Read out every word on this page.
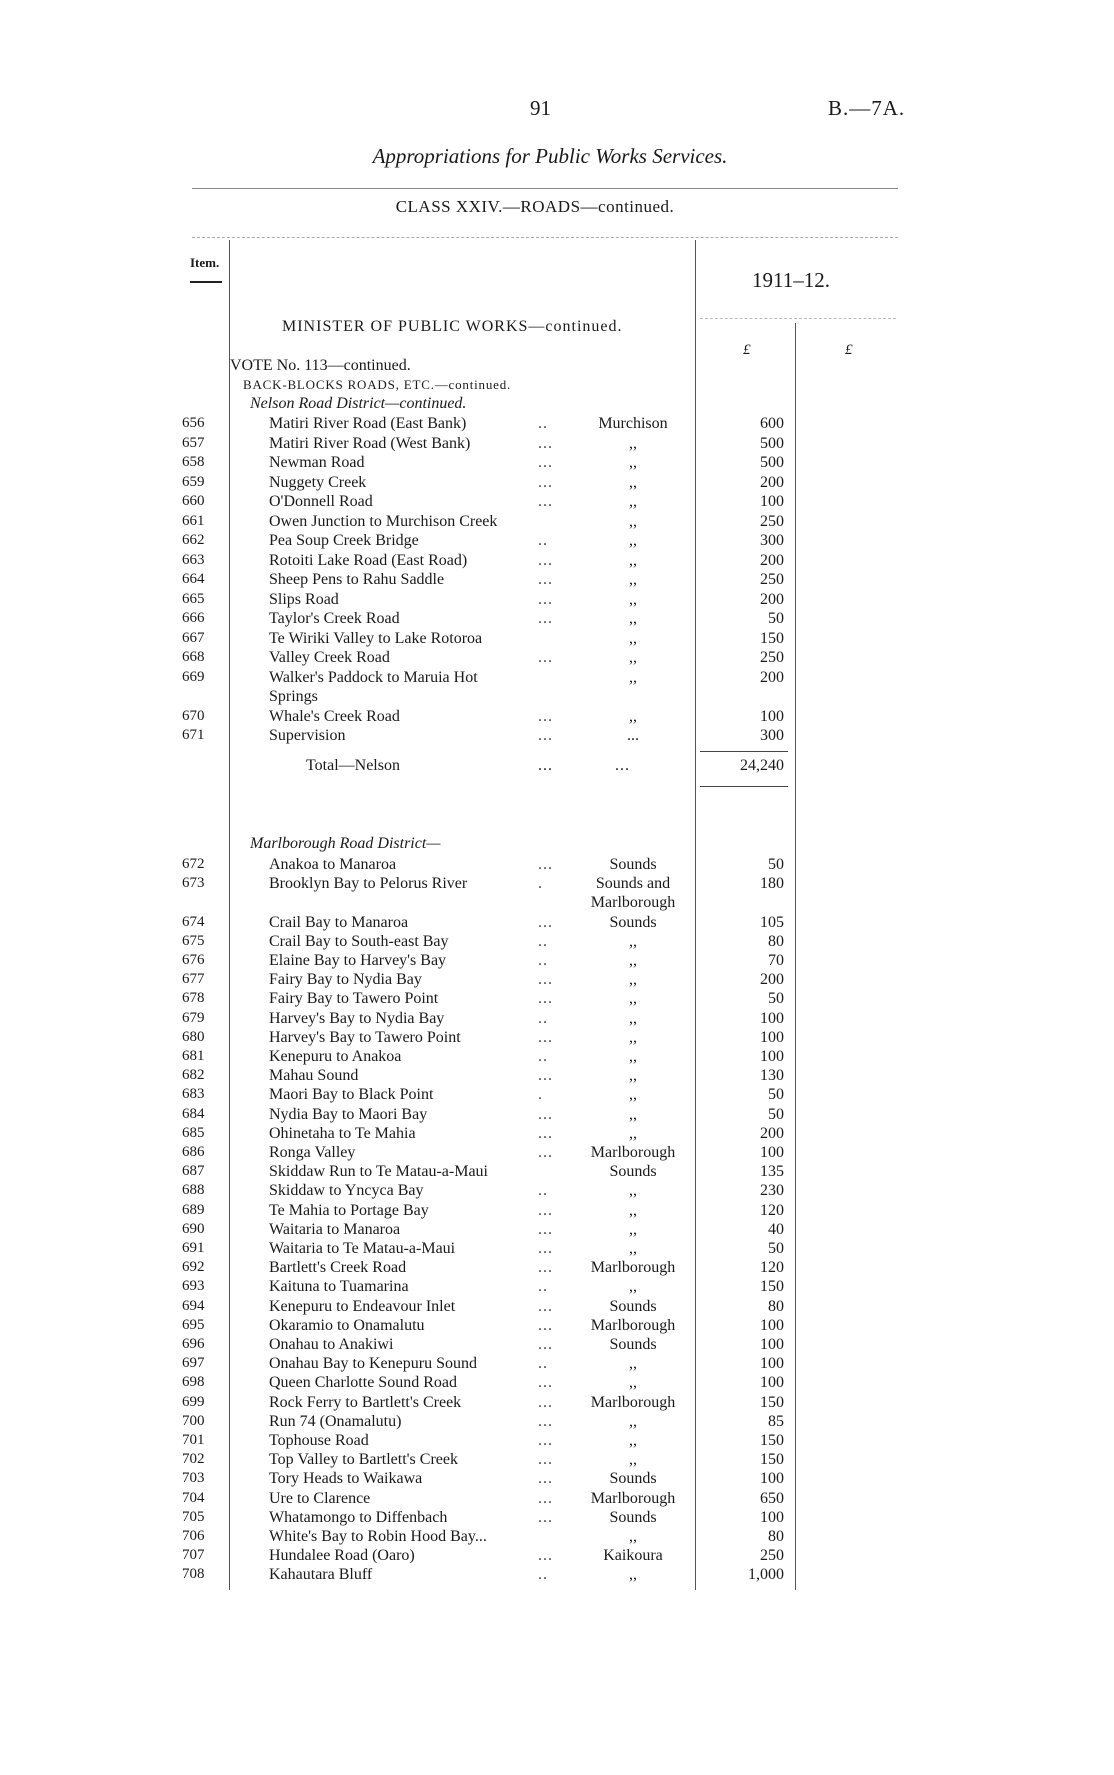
91	B.—7A.
Appropriations for Public Works Services.
CLASS XXIV.—ROADS—continued.
Item.
1911–12.
£	£
MINISTER OF PUBLIC WORKS—continued.
VOTE No. 113—continued.
BACK-BLOCKS ROADS, ETC.—continued.
Nelson Road District—continued.
656	Matiri River Road (East Bank)	..	Murchison	600
657	Matiri River Road (West Bank)	...	,,	500
658	Newman Road	...	,,	500
659	Nuggety Creek	...	,,	200
660	O'Donnell Road	...	,,	100
661	Owen Junction to Murchison Creek	,,	250
662	Pea Soup Creek Bridge	..	,,	300
663	Rotoiti Lake Road (East Road)	...	,,	200
664	Sheep Pens to Rahu Saddle	...	,,	250
665	Slips Road	...	,,	200
666	Taylor's Creek Road	...	,,	50
667	Te Wiriki Valley to Lake Rotoroa	,,	150
668	Valley Creek Road	...	,,	250
669	Walker's Paddock to Maruia Hot	,,	200
Springs
670	Whale's Creek Road	...	,,	100
671	Supervision	...	...	300
Total—Nelson	...	...	24,240
Marlborough Road District—
672	Anakoa to Manaroa	...	Sounds	50
673	Brooklyn Bay to Pelorus River	.	Sounds and	180
Marlborough
674	Crail Bay to Manaroa	...	Sounds	105
675	Crail Bay to South-east Bay	..	,,	80
676	Elaine Bay to Harvey's Bay	..	,,	70
677	Fairy Bay to Nydia Bay	...	,,	200
678	Fairy Bay to Tawero Point	...	,,	50
679	Harvey's Bay to Nydia Bay	..	,,	100
680	Harvey's Bay to Tawero Point	...	,,	100
681	Kenepuru to Anakoa	..	,,	100
682	Mahau Sound	...	,,	130
683	Maori Bay to Black Point	.	,,	50
684	Nydia Bay to Maori Bay	...	,,	50
685	Ohinetaha to Te Mahia	...	,,	200
686	Ronga Valley	...	Marlborough	100
687	Skiddaw Run to Te Matau-a-Maui	Sounds	135
688	Skiddaw to Yncyca Bay	..	,,	230
689	Te Mahia to Portage Bay	...	,,	120
690	Waitaria to Manaroa	...	,,	40
691	Waitaria to Te Matau-a-Maui	...	,,	50
692	Bartlett's Creek Road	...	Marlborough	120
693	Kaituna to Tuamarina	..	,,	150
694	Kenepuru to Endeavour Inlet	...	Sounds	80
695	Okaramio to Onamalutu	...	Marlborough	100
696	Onahau to Anakiwi	...	Sounds	100
697	Onahau Bay to Kenepuru Sound	..	,,	100
698	Queen Charlotte Sound Road	...	,,	100
699	Rock Ferry to Bartlett's Creek	...	Marlborough	150
700	Run 74 (Onamalutu)	...	,,	85
701	Tophouse Road	...	,,	150
702	Top Valley to Bartlett's Creek	...	,,	150
703	Tory Heads to Waikawa	...	Sounds	100
704	Ure to Clarence	...	Marlborough	650
705	Whatamongo to Diffenbach	...	Sounds	100
706	White's Bay to Robin Hood Bay...	,,	80
707	Hundalee Road (Oaro)	...	Kaikoura	250
708	Kahautara Bluff	..	,,	1,000
